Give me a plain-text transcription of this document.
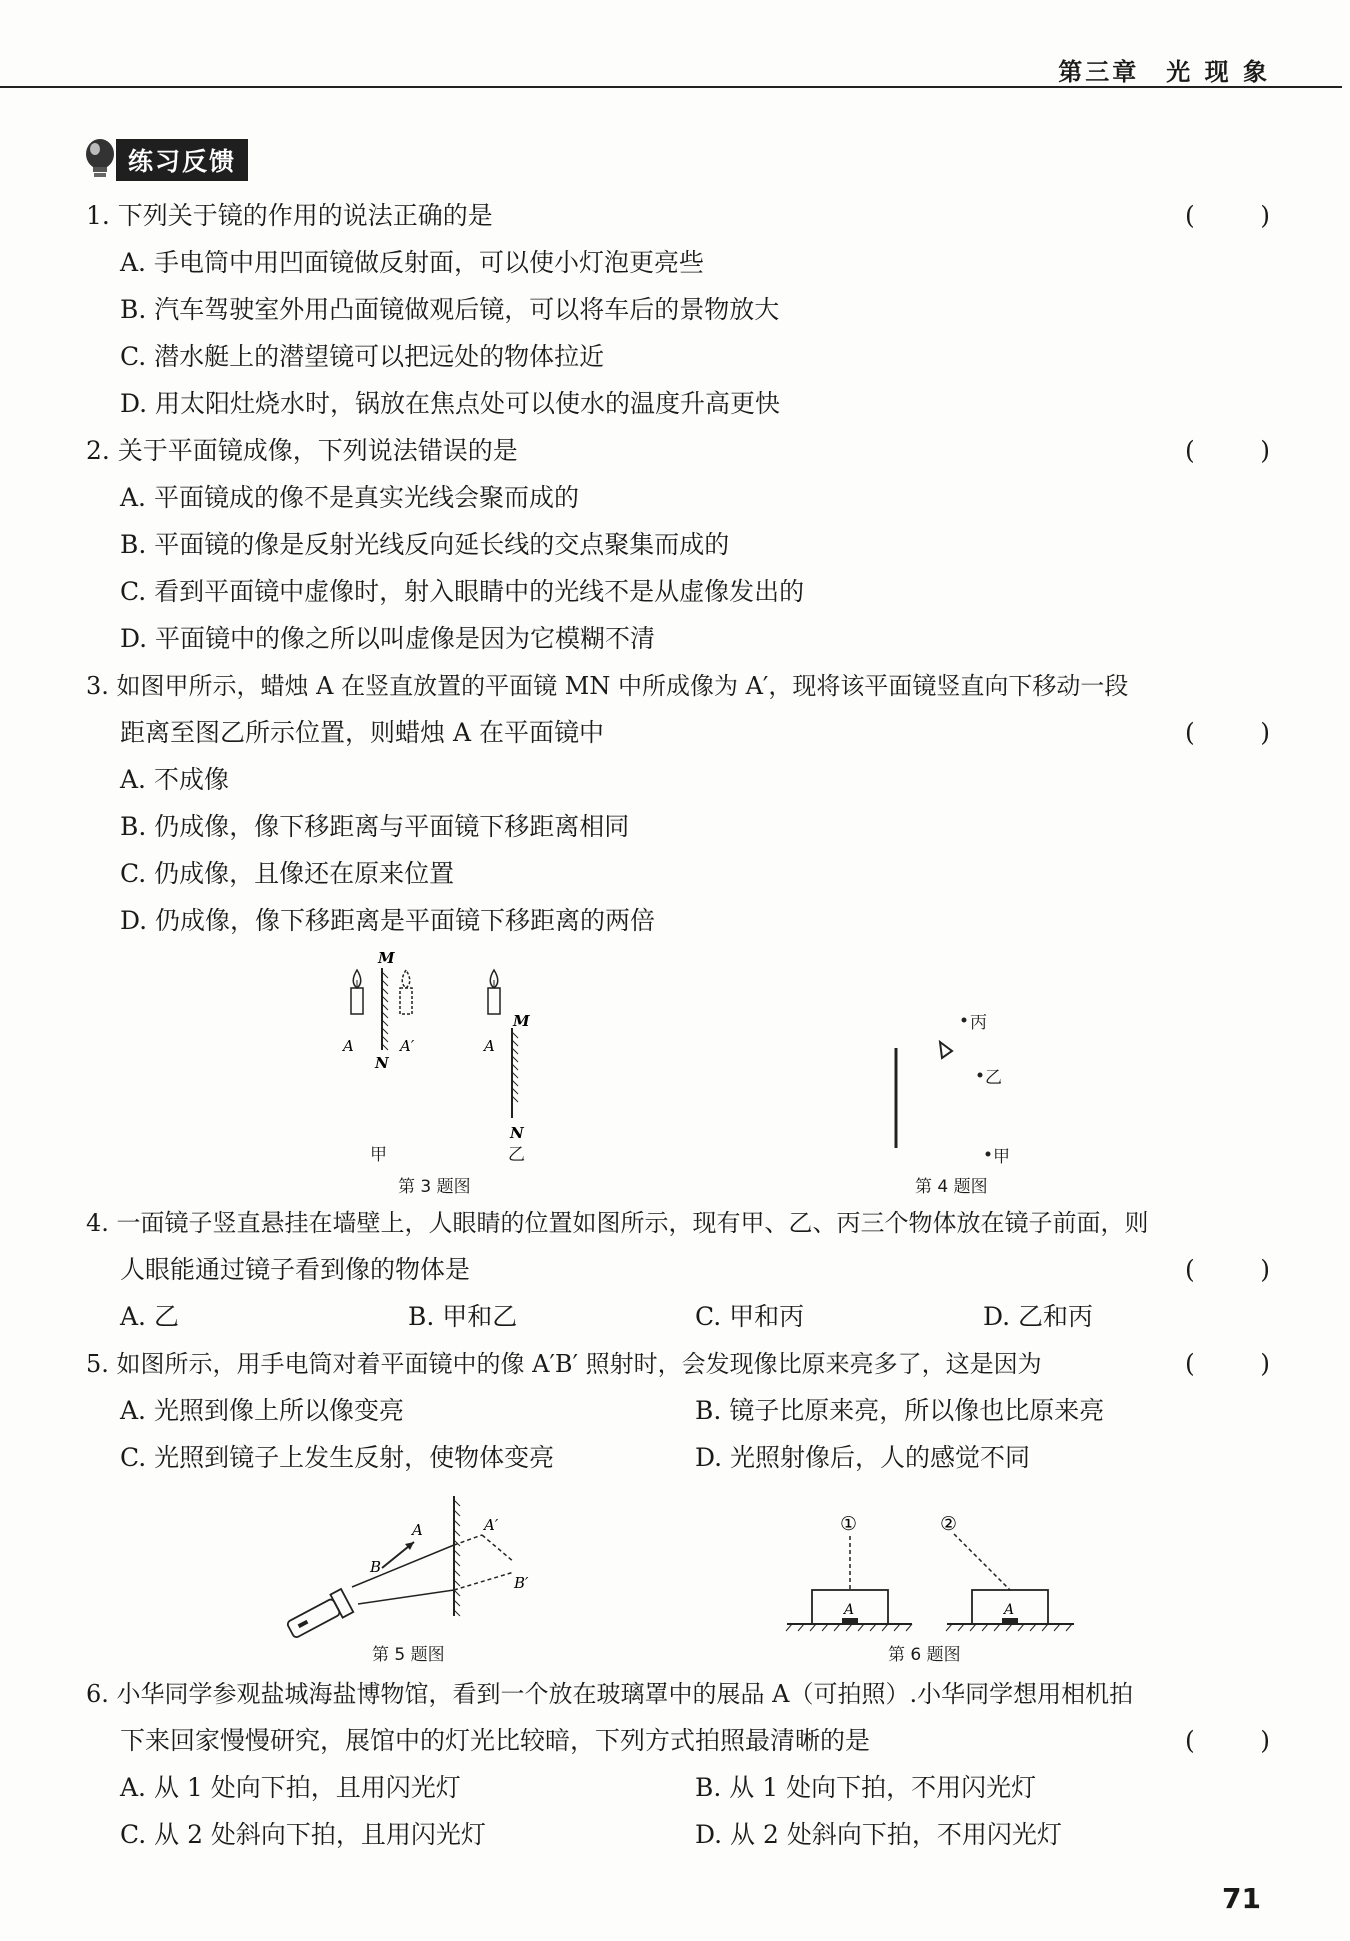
第三章　光 现 象
练习反馈
1. 下列关于镜的作用的说法正确的是	(	)
A. 手电筒中用凹面镜做反射面，可以使小灯泡更亮些
B. 汽车驾驶室外用凸面镜做观后镜，可以将车后的景物放大
C. 潜水艇上的潜望镜可以把远处的物体拉近
D. 用太阳灶烧水时，锅放在焦点处可以使水的温度升高更快
2. 关于平面镜成像，下列说法错误的是	(	)
A. 平面镜成的像不是真实光线会聚而成的
B. 平面镜的像是反射光线反向延长线的交点聚集而成的
C. 看到平面镜中虚像时，射入眼睛中的光线不是从虚像发出的
D. 平面镜中的像之所以叫虚像是因为它模糊不清
3. 如图甲所示，蜡烛 A 在竖直放置的平面镜 MN 中所成像为 A′，现将该平面镜竖直向下移动一段
距离至图乙所示位置，则蜡烛 A 在平面镜中	(	)
A. 不成像
B. 仍成像，像下移距离与平面镜下移距离相同
C. 仍成像，且像还在原来位置
D. 仍成像，像下移距离是平面镜下移距离的两倍
M
N
A	A′
M
N
A
甲	乙
第 3 题图
丙
乙
甲
第 4 题图
4. 一面镜子竖直悬挂在墙壁上，人眼睛的位置如图所示，现有甲、乙、丙三个物体放在镜子前面，则
人眼能通过镜子看到像的物体是	(	)
A. 乙	B. 甲和乙	C. 甲和丙	D. 乙和丙
5. 如图所示，用手电筒对着平面镜中的像 A′B′ 照射时，会发现像比原来亮多了，这是因为	(	)
A. 光照到像上所以像变亮	B. 镜子比原来亮，所以像也比原来亮
C. 光照到镜子上发生反射，使物体变亮	D. 光照射像后，人的感觉不同
A
B
A′
B′
第 5 题图
①	②
A	A
第 6 题图
6. 小华同学参观盐城海盐博物馆，看到一个放在玻璃罩中的展品 A（可拍照）.小华同学想用相机拍
下来回家慢慢研究，展馆中的灯光比较暗，下列方式拍照最清晰的是	(	)
A. 从 1 处向下拍，且用闪光灯	B. 从 1 处向下拍，不用闪光灯
C. 从 2 处斜向下拍，且用闪光灯	D. 从 2 处斜向下拍，不用闪光灯
71
